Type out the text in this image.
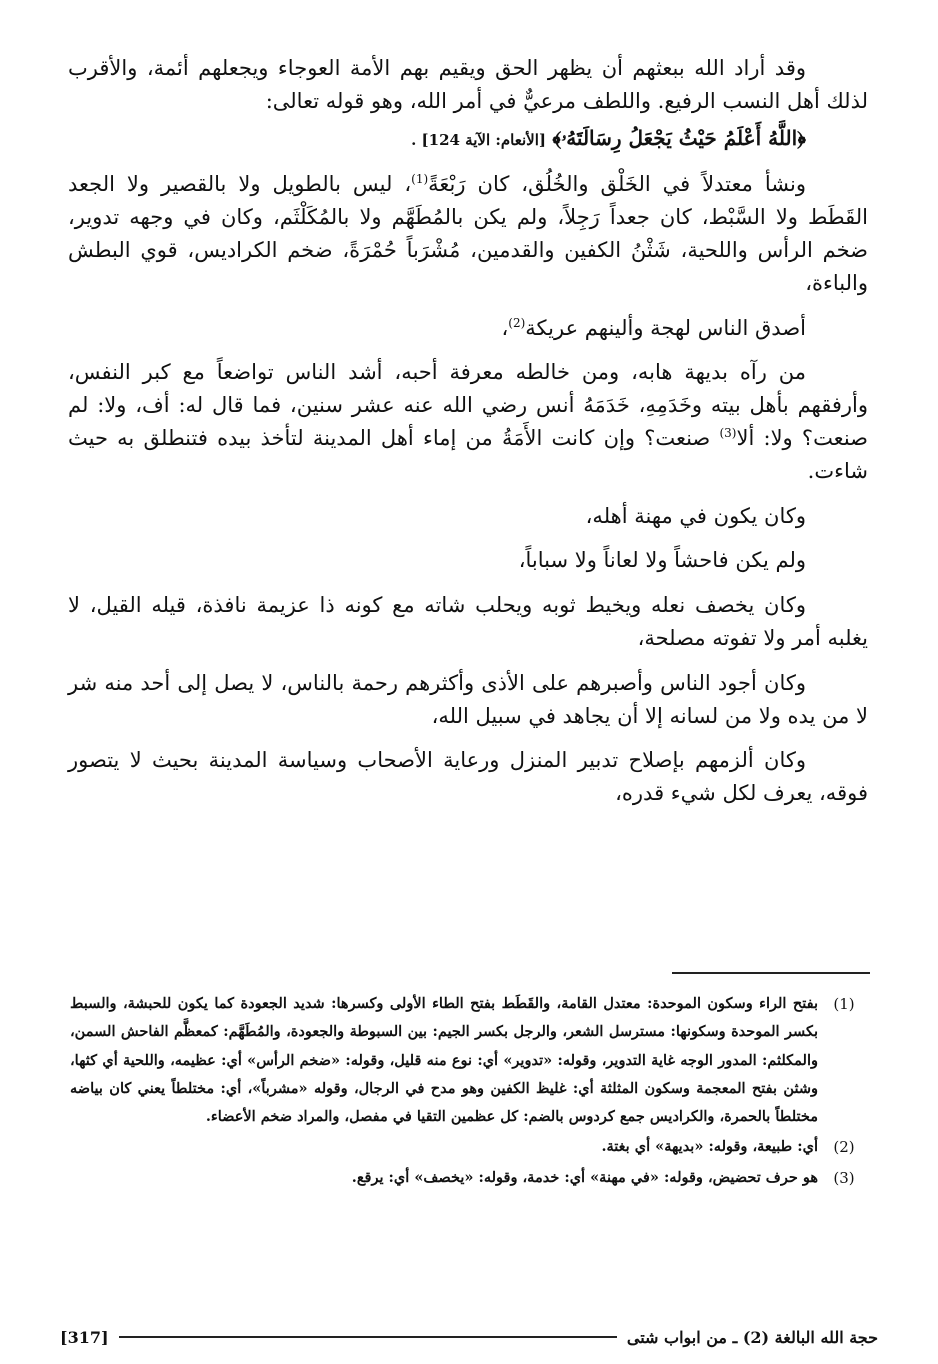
وقد أراد الله ببعثهم أن يظهر الحق ويقيم بهم الأمة العوجاء ويجعلهم أئمة، والأقرب لذلك أهل النسب الرفيع. واللطف مرعيٌّ في أمر الله، وهو قوله تعالى:

﴿اللَّهُ أَعْلَمُ حَيْثُ يَجْعَلُ رِسَالَتَهُۥ﴾ [الأنعام: الآية 124] .

ونشأ معتدلاً في الخَلْق والخُلُق، كان رَبْعَةً$^{(1)}$، ليس بالطويل ولا بالقصير ولا الجعد القَطَط ولا السَّبْط، كان جعداً رَجِلاً، ولم يكن بالمُطَهَّم ولا بالمُكَلْثَم، وكان في وجهه تدوير، ضخم الرأس واللحية، شَثْنُ الكفين والقدمين، مُشْرَباً حُمْرَةً، ضخم الكراديس، قوي البطش والباءة،

أصدق الناس لهجة وألينهم عريكة$^{(2)}$،

من رآه بديهة هابه، ومن خالطه معرفة أحبه، أشد الناس تواضعاً مع كبر النفس، وأرفقهم بأهل بيته وخَدَمِهِ، خَدَمَهُ أنس رضي الله عنه عشر سنين، فما قال له: أف، ولا: لم صنعت؟ ولا: ألا$^{(3)}$ صنعت؟ وإن كانت الأَمَةُ من إماء أهل المدينة لتأخذ بيده فتنطلق به حيث شاءت.

وكان يكون في مهنة أهله،

ولم يكن فاحشاً ولا لعاناً ولا سباباً،

وكان يخصف نعله ويخيط ثوبه ويحلب شاته مع كونه ذا عزيمة نافذة، قيله القيل، لا يغلبه أمر ولا تفوته مصلحة،

وكان أجود الناس وأصبرهم على الأذى وأكثرهم رحمة بالناس، لا يصل إلى أحد منه شر لا من يده ولا من لسانه إلا أن يجاهد في سبيل الله،

وكان ألزمهم بإصلاح تدبير المنزل ورعاية الأصحاب وسياسة المدينة بحيث لا يتصور فوقه، يعرف لكل شيء قدره،

(1)
بفتح الراء وسكون الموحدة: معتدل القامة، والقَطَط بفتح الطاء الأولى وكسرها: شديد الجعودة كما يكون للحبشة، والسبط بكسر الموحدة وسكونها: مسترسل الشعر، والرجل بكسر الجيم: بين السبوطة والجعودة، والمُطَهَّم: كمعظَّم الفاحش السمن، والمكلثم: المدور الوجه غاية التدوير، وقوله: «تدوير» أي: نوع منه قليل، وقوله: «ضخم الرأس» أي: عظيمه، واللحية أي كثها، وشثن بفتح المعجمة وسكون المثلثة أي: غليظ الكفين وهو مدح في الرجال، وقوله «مشرباً»، أي: مختلطاً يعني كان بياضه مختلطاً بالحمرة، والكراديس جمع كردوس بالضم: كل عظمين التقيا في مفصل، والمراد ضخم الأعضاء.
(2)
أي: طبيعة، وقوله: «بديهة» أي بغتة.
(3)
هو حرف تحضيض، وقوله: «في مهنة» أي: خدمة، وقوله: «يخصف» أي: يرقع.
حجة الله البالغة (2) ـ من ابواب شتى
[317]
